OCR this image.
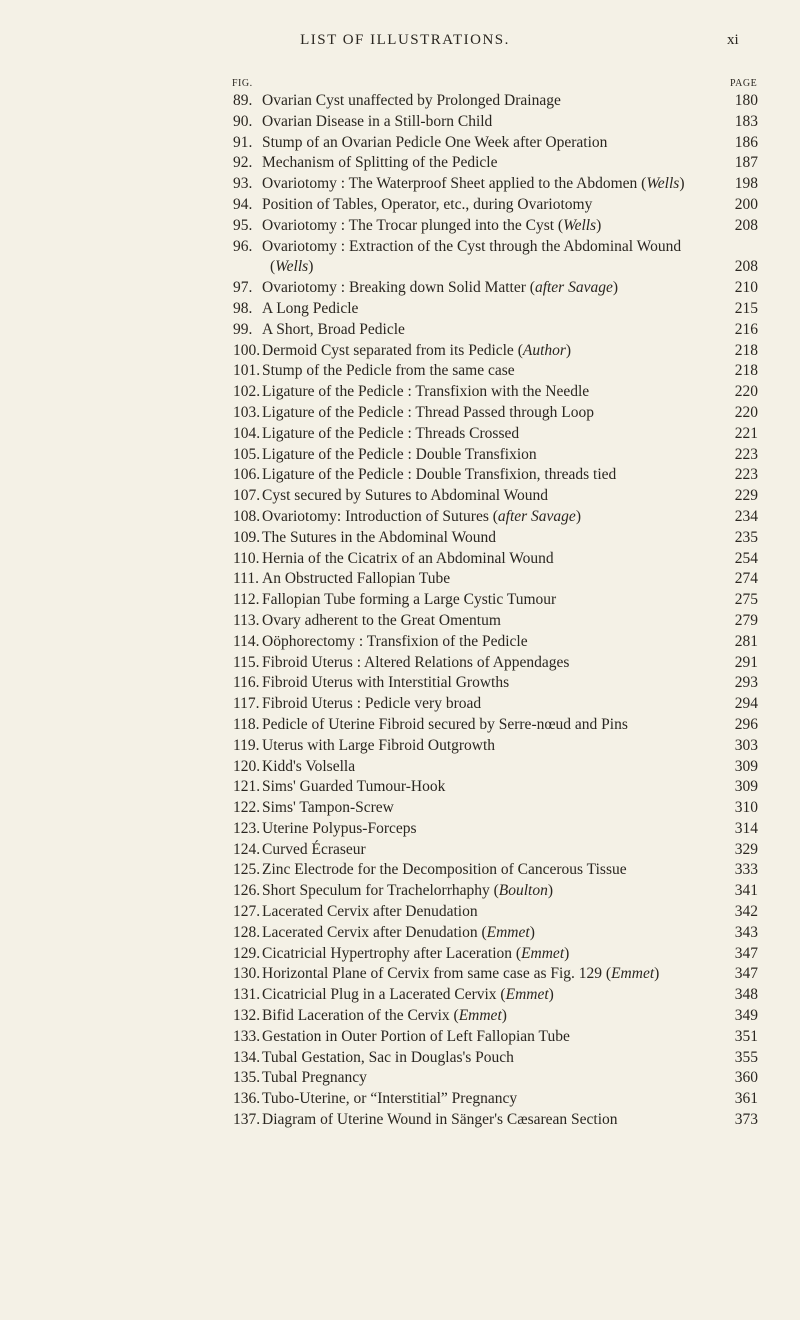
LIST OF ILLUSTRATIONS.	xi
FIG.	PAGE
89. Ovarian Cyst unaffected by Prolonged Drainage	180
90. Ovarian Disease in a Still-born Child	183
91. Stump of an Ovarian Pedicle One Week after Operation	186
92. Mechanism of Splitting of the Pedicle	187
93. Ovariotomy : The Waterproof Sheet applied to the Abdomen (Wells)	198
94. Position of Tables, Operator, etc., during Ovariotomy	200
95. Ovariotomy : The Trocar plunged into the Cyst (Wells)	208
96. Ovariotomy : Extraction of the Cyst through the Abdominal Wound
(Wells)	208
97. Ovariotomy : Breaking down Solid Matter (after Savage)	210
98. A Long Pedicle	215
99. A Short, Broad Pedicle	216
100. Dermoid Cyst separated from its Pedicle (Author)	218
101. Stump of the Pedicle from the same case	218
102. Ligature of the Pedicle : Transfixion with the Needle	220
103. Ligature of the Pedicle : Thread Passed through Loop	220
104. Ligature of the Pedicle : Threads Crossed	221
105. Ligature of the Pedicle : Double Transfixion	223
106. Ligature of the Pedicle : Double Transfixion, threads tied	223
107. Cyst secured by Sutures to Abdominal Wound	229
108. Ovariotomy: Introduction of Sutures (after Savage)	234
109. The Sutures in the Abdominal Wound	235
110. Hernia of the Cicatrix of an Abdominal Wound	254
111. An Obstructed Fallopian Tube	274
112. Fallopian Tube forming a Large Cystic Tumour	275
113. Ovary adherent to the Great Omentum	279
114. Oöphorectomy : Transfixion of the Pedicle	281
115. Fibroid Uterus : Altered Relations of Appendages	291
116. Fibroid Uterus with Interstitial Growths	293
117. Fibroid Uterus : Pedicle very broad	294
118. Pedicle of Uterine Fibroid secured by Serre-nœud and Pins	296
119. Uterus with Large Fibroid Outgrowth	303
120. Kidd's Volsella	309
121. Sims' Guarded Tumour-Hook	309
122. Sims' Tampon-Screw	310
123. Uterine Polypus-Forceps	314
124. Curved Écraseur	329
125. Zinc Electrode for the Decomposition of Cancerous Tissue	333
126. Short Speculum for Trachelorrhaphy (Boulton)	341
127. Lacerated Cervix after Denudation	342
128. Lacerated Cervix after Denudation (Emmet)	343
129. Cicatricial Hypertrophy after Laceration (Emmet)	347
130. Horizontal Plane of Cervix from same case as Fig. 129 (Emmet)	347
131. Cicatricial Plug in a Lacerated Cervix (Emmet)	348
132. Bifid Laceration of the Cervix (Emmet)	349
133. Gestation in Outer Portion of Left Fallopian Tube	351
134. Tubal Gestation, Sac in Douglas's Pouch	355
135. Tubal Pregnancy	360
136. Tubo-Uterine, or “Interstitial” Pregnancy	361
137. Diagram of Uterine Wound in Sänger's Cæsarean Section	373
